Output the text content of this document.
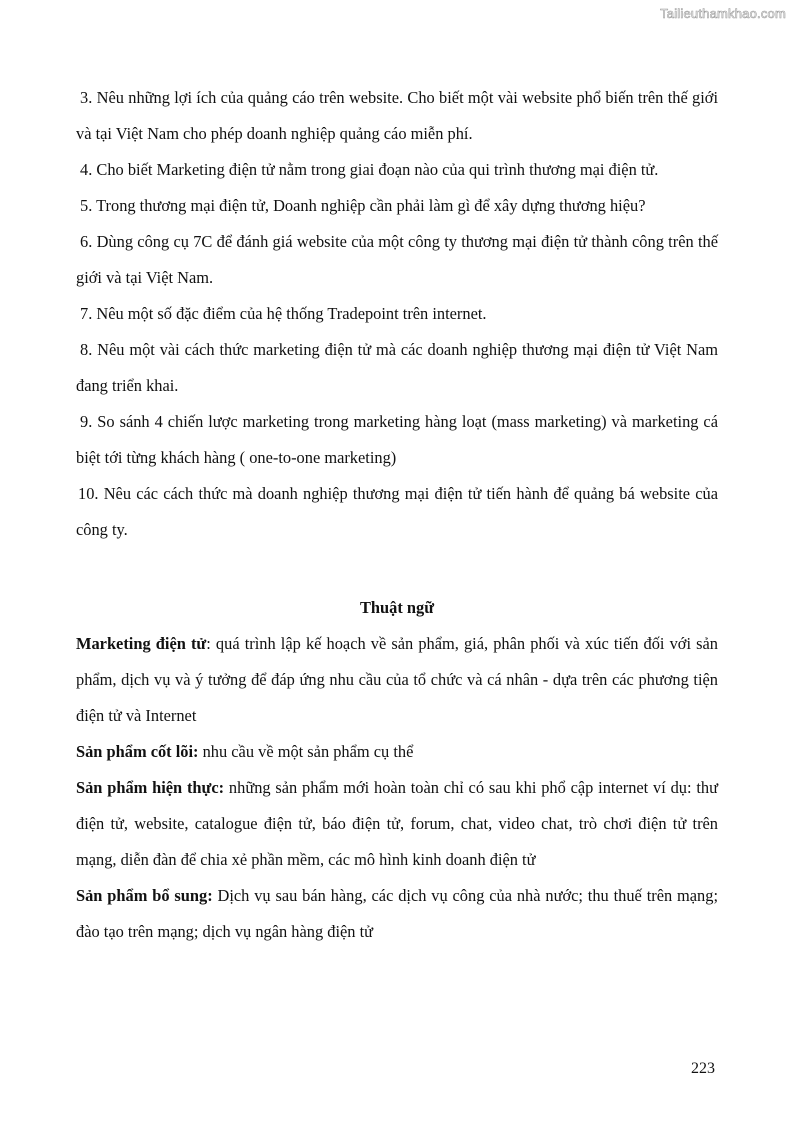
Tailieuthamkhao.com

3. Nêu những lợi ích của quảng cáo trên website. Cho biết một vài website phổ biến trên thế giới và tại Việt Nam cho phép doanh nghiệp quảng cáo miễn phí.

4. Cho biết Marketing điện tử nằm trong giai đoạn nào của qui trình thương mại điện tử.

5. Trong thương mại điện tử, Doanh nghiệp cần phải làm gì để xây dựng thương hiệu?

6. Dùng công cụ 7C để đánh giá website của một công ty thương mại điện tử thành công trên thế giới và tại Việt Nam.

7. Nêu một số đặc điểm của hệ thống Tradepoint trên internet.

8. Nêu một vài cách thức marketing điện tử mà các doanh nghiệp thương mại điện tử Việt Nam đang triển khai.

9. So sánh 4 chiến lược marketing trong marketing hàng loạt (mass marketing) và marketing cá biệt tới từng khách hàng ( one-to-one marketing)

10. Nêu các cách thức mà doanh nghiệp thương mại điện tử tiến hành để quảng bá website của công ty.

Thuật ngữ

Marketing điện tử: quá trình lập kế hoạch về sản phẩm, giá, phân phối và xúc tiến đối với sản phẩm, dịch vụ và ý tưởng để đáp ứng nhu cầu của tổ chức và cá nhân - dựa trên các phương tiện điện tử và Internet

Sản phẩm cốt lõi: nhu cầu về một sản phẩm cụ thể

Sản phẩm hiện thực: những sản phẩm mới hoàn toàn chỉ có sau khi phổ cập internet ví dụ: thư điện tử, website, catalogue điện tử, báo điện tử, forum, chat, video chat, trò chơi điện tử trên mạng, diễn đàn để chia xẻ phần mềm, các mô hình kinh doanh điện tử

Sản phẩm bổ sung: Dịch vụ sau bán hàng, các dịch vụ công của nhà nước; thu thuế trên mạng; đào tạo trên mạng; dịch vụ ngân hàng điện tử

223
